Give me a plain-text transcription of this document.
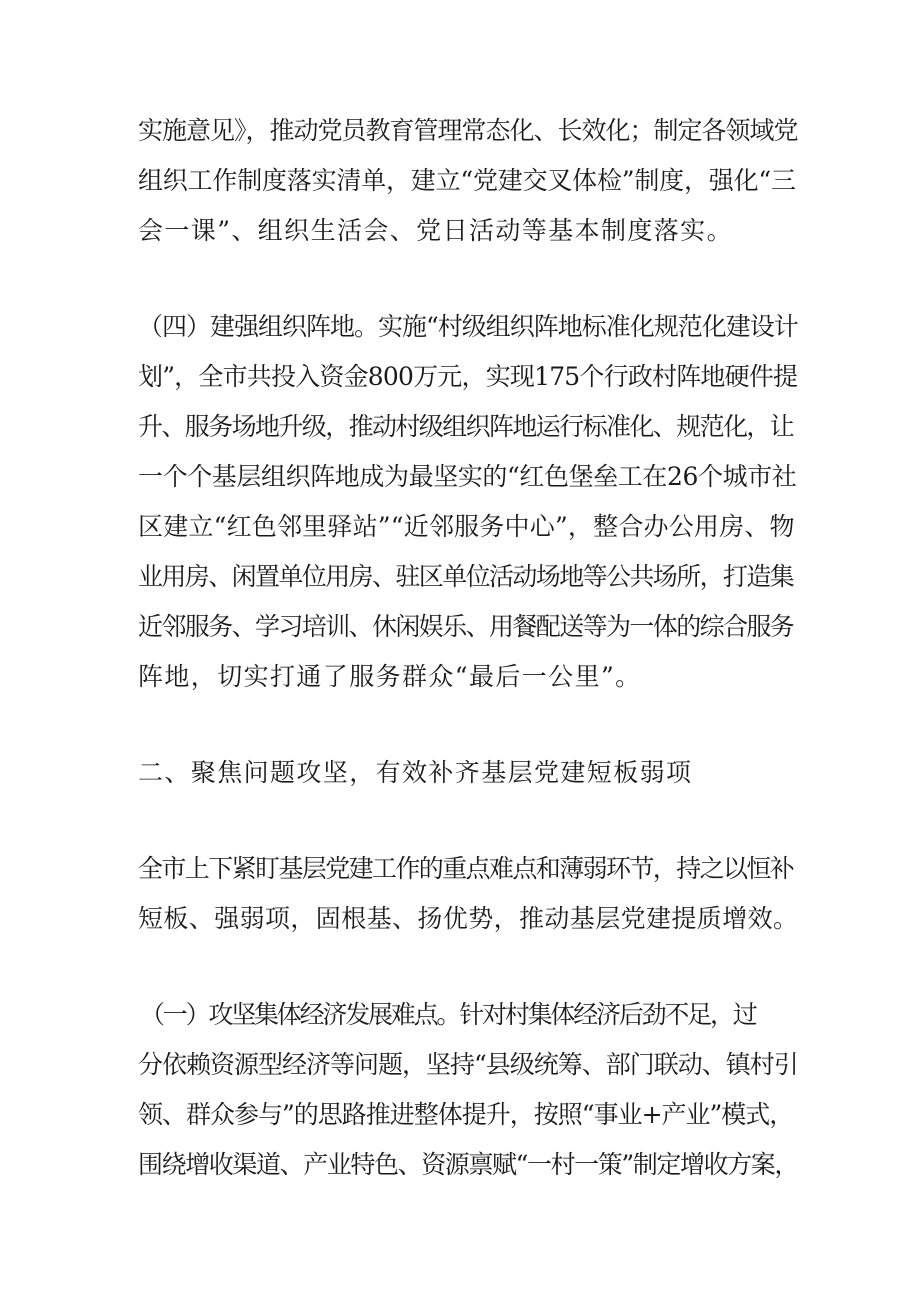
实施意见》，推动党员教育管理常态化、长效化；制定各领域党
组织工作制度落实清单，建立“党建交叉体检”制度，强化“三
会一课”、组织生活会、党日活动等基本制度落实。
（四）建强组织阵地。实施“村级组织阵地标准化规范化建设计
划”，全市共投入资金800万元，实现175个行政村阵地硬件提
升、服务场地升级，推动村级组织阵地运行标准化、规范化，让
一个个基层组织阵地成为最坚实的“红色堡垒工在26个城市社
区建立“红色邻里驿站”“近邻服务中心”，整合办公用房、物
业用房、闲置单位用房、驻区单位活动场地等公共场所，打造集
近邻服务、学习培训、休闲娱乐、用餐配送等为一体的综合服务
阵地，切实打通了服务群众“最后一公里”。
二、聚焦问题攻坚，有效补齐基层党建短板弱项
全市上下紧盯基层党建工作的重点难点和薄弱环节，持之以恒补
短板、强弱项，固根基、扬优势，推动基层党建提质增效。
（一）攻坚集体经济发展难点。针对村集体经济后劲不足，过
分依赖资源型经济等问题，坚持“县级统筹、部门联动、镇村引
领、群众参与”的思路推进整体提升，按照“事业+产业”模式，
围绕增收渠道、产业特色、资源禀赋“一村一策”制定增收方案，
